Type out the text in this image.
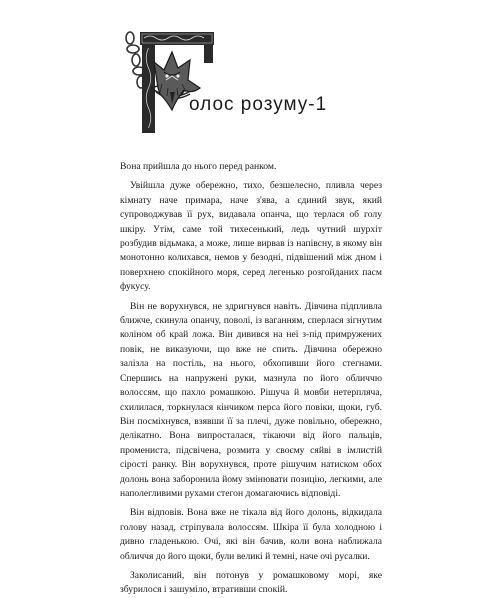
олос розуму-1

Вона прийшла до нього перед ранком.

Увійшла дуже обережно, тихо, безшелесно, пливла через кімнату наче примара, наче з'ява, а єдиний звук, який супроводжував її рух, видавала опанча, що терлася об голу шкіру. Утім, саме той тихесенький, ледь чутний шурхіт розбудив відьмака, а може, лише вирвав із напівсну, в якому він монотонно колихався, немов у безодні, підвішений між дном і поверхнею спокійного моря, серед легенько розгойданих пасм фукусу.

Він не ворухнувся, не здригнувся навіть. Дівчина підпливла ближче, скинула опанчу, поволі, із ваганням, сперлася зігнутим коліном об край ложа. Він дивився на неї з-під примружених повік, не виказуючи, що вже не спить. Дівчина обережно залізла на постіль, на нього, обхопивши його стегнами. Спершись на напружені руки, мазнула по його обличчю волоссям, що пахло ромашкою. Рішуча й мовби нетерпляча, схилилася, торкнулася кінчиком перса його повіки, щоки, губ. Він посміхнувся, взявши її за плечі, дуже повільно, обережно, делікатно. Вона випросталася, тікаючи від його пальців, промениста, підсвічена, розмита у своєму сяйві в імлистій сірості ранку. Він ворухнувся, проте рішучим натиском обох долонь вона заборонила йому змінювати позицію, легкими, але наполегливими рухами стегон домагаючись відповіді.

Він відповів. Вона вже не тікала від його долонь, відкидала голову назад, стріпувала волоссям. Шкіра її була холодною і дивно гладенькою. Очі, які він бачив, коли вона наближала обличчя до його щоки, були великі й темні, наче очі русалки.

Заколисаний, він потонув у ромашковому морі, яке збурилося і зашуміло, втративши спокій.
